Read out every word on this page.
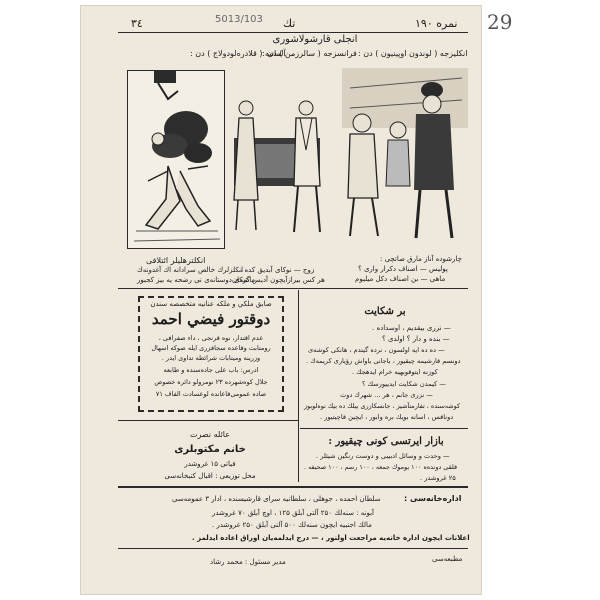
۳٤	5013/103 تك	نمره ١٩٠ 29
انجلی قارشولاشوری
آلمانیه ( قلادره‌لودولاج ) دن :
فرانسزجه ( سالرزمن ) دن : انكلیزجه ( لوندون اوپینیون ) دن :
انكلترهلیلر ائتلافی
انكلزلرك خالص سرادانه ‌اك آغدونه‌ك
ماشه‌ی دوستانه‌ی نی رضحه‌ یه بیز كجبور
زوج — نوكای آبدیق كده ،
هر كس بیرازآیچون آدیس گرکان
چارشوده آناز مارق صاتچی :
پولیس — اصناف دكرار واری ؟
ماهی — بن اصناف دكل میلیوم
صابق ملكي و ملكه عنانیه متخصصه سندن
دوقتور فیضي احمد
عدم اقتدار، نوه ‌قرنجی ، داء صفرافی ،
رومتابت وقاعده سجافزری ایله صوكه اسهال
وزرینه ومیتابات شرائطه تداوی ایدر .
ادرس: باب علی جاده‌سنده و طابعه
جلال كوه‌شهرده ۲۳ نومرولو دائره‌ خصوص
صاده عمومی‌قاعانده‌ لوعسادت‌ الفاف ۷۱
عائله نصرت
خانم مكتوبلری
فیاتی ۱۵ غروشدر
محل توزیعی : اقبال كتبخانه‌سی
بر شكایت
— نزری بیقدیم ، اوسداده .
— بنده و دار ؟ اولدی ؟
— ده ‌ده ایه اولسون ، نرده گیتدم ، هانکی کوشه‌ی
دونسم قارشیمه چیقیور ، باجانی یاواش رؤیاری كریمه‌ك .
كوزنه ایتوقوبهیه خرام ایدهجك .
— كیمدن شكایت ایدییورسك ؟
— نزری جانم ، هر ... شهرك دوت
كوشه‌سنده‌ ، تفارمتآشیز ، جانسكازری بیلك ده بیك نوه‌لوبوز
دوناقس ، اسانه بویك بره وابور ، ایچین قاچیتیور .
بازار ایرتسی كونی چیقیور :
— وحدت و وسائل ادبیبی و دوست رنگین شیئلر .
قلقی دونده‌ه ۱۰۰ یوموك جمعه ، ۱۰۰ رسم ، ۱۰۰ صحیفه .
۲۵ غروشدر .
اداره‌خانه‌سی :
سلطان احمده ، جوهلی ، سلطانیه‌ سرای قارشیسنده ، ادار ۳ عمومه‌سی
آبونه : سنه‌لك ۲۵۰ آلتی آبلق ۱۲۵ ، اوچ آبلق ۷۰ غروشدر
مالك اجنبیه ایچون سنه‌لك ۵۰۰ آلتی آبلق ۲۵۰ غروشدر .
اعلانات ایچون اداره‌ خانه‌یه مراجعت اولنور ، — درج ایدلمه‌یان اوراق اعاده ایدلمز .
مدیر مسئول : محمد رشاد	مطبعه‌سی
